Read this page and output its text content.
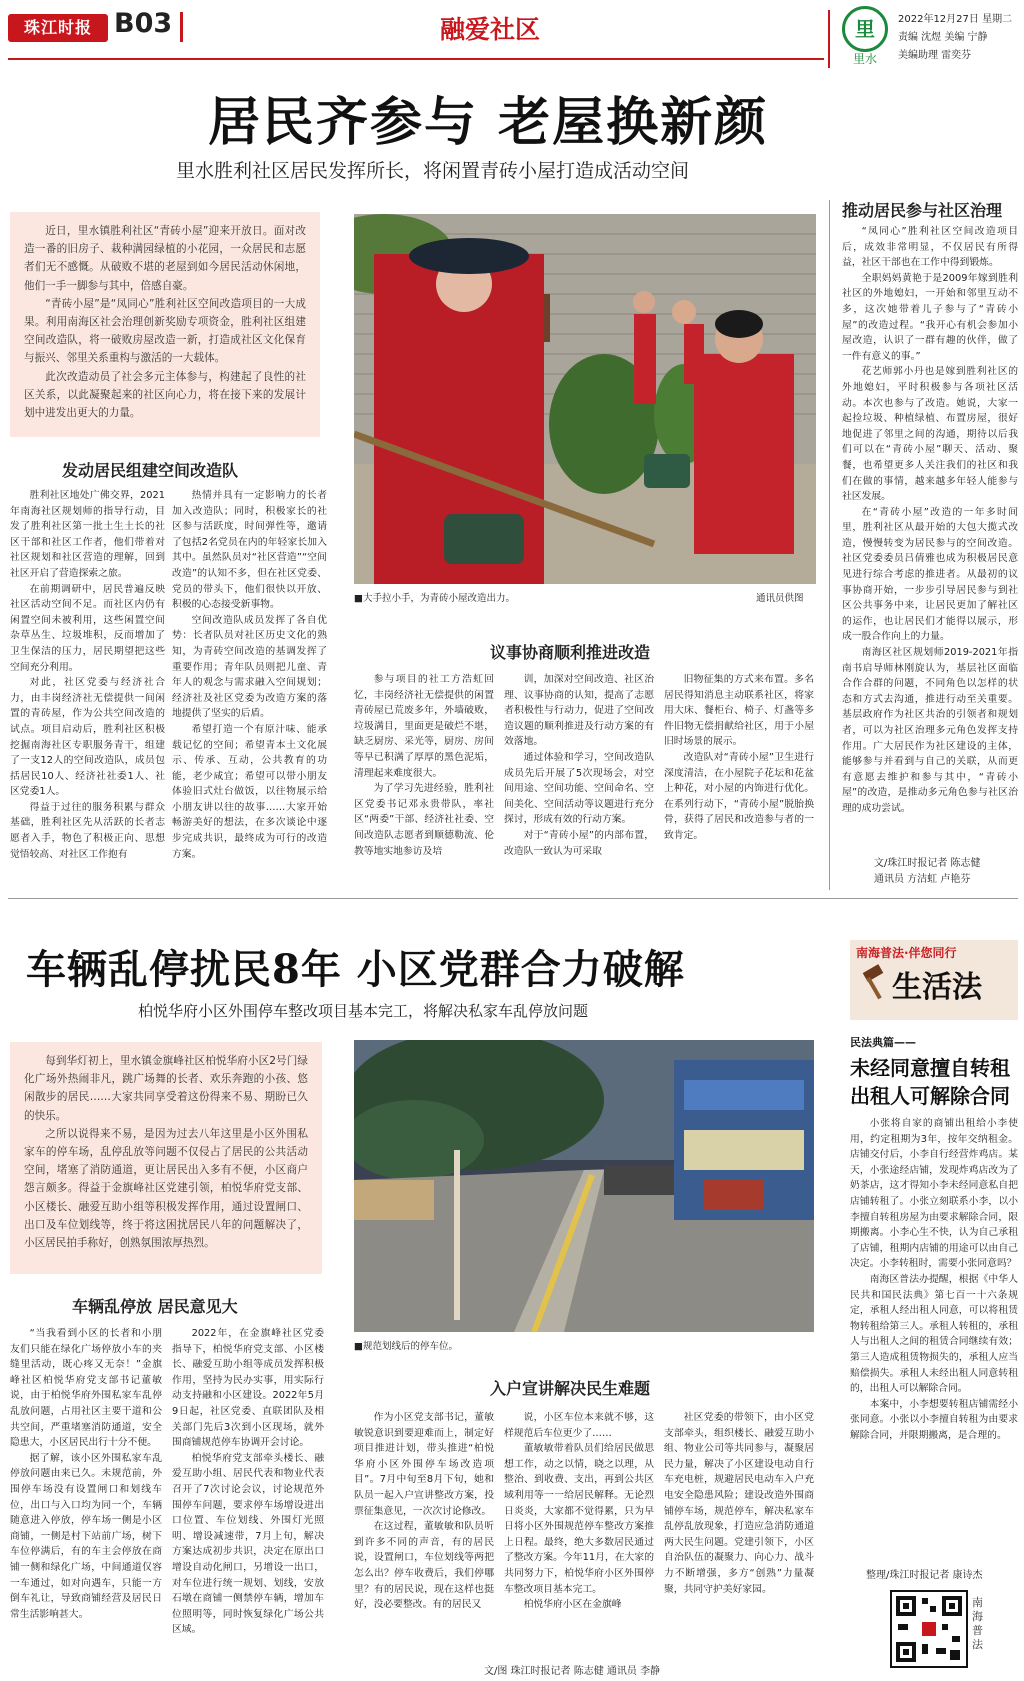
珠江时报 B03	融爱社区	里
里水
2022年12月27日 星期二
责编 沈煜 美编 宁静
美编助理 雷奕芬
居民齐参与 老屋换新颜
里水胜利社区居民发挥所长，将闲置青砖小屋打造成活动空间

近日，里水镇胜利社区“青砖小屋”迎来开放日。面对改造一番的旧房子、栽种满园绿植的小花园，一众居民和志愿者们无不感慨。从破败不堪的老屋到如今居民活动休闲地，他们一手一脚参与其中，倍感自豪。

“青砖小屋”是“凤同心”胜利社区空间改造项目的一大成果。利用南海区社会治理创新奖励专项资金，胜利社区组建空间改造队，将一破败房屋改造一新，打造成社区文化保育与振兴、邻里关系重构与激活的一大载体。

此次改造动员了社会多元主体参与，构建起了良性的社区关系，以此凝聚起来的社区向心力，将在接下来的发展计划中进发出更大的力量。

发动居民组建空间改造队

胜利社区地处广佛交界，2021年南海社区规划师的指导行动，目发了胜利社区第一批土生土长的社区干部和社区工作者，他们带着对社区规划和社区营造的理解，回到社区开启了营造探索之旅。

在前期调研中，居民普遍反映社区活动空间不足。而社区内仍有闲置空间未被利用，这些闲置空间杂草丛生、垃圾堆积，反而增加了卫生保洁的压力，居民期望把这些空间充分利用。

对此，社区党委与经济社合力，由丰岗经济社无偿提供一间闲置的青砖屋，作为公共空间改造的试点。项目启动后，胜利社区积极挖掘南海社区专职服务青干，组建了一支12人的空间改造队，成员包括居民10人、经济社社委1人、社区党委1人。

得益于过往的服务积累与群众基础，胜利社区先从活跃的长者志愿者入手，物色了积极正向、思想觉悟较高、对社区工作抱有

热情并具有一定影响力的长者加入改造队；同时，积极家长的社区参与活跃度，时间弹性等，邀请了包括2名党员在内的年轻家长加入其中。虽然队员对“社区营造”“空间改造”的认知不多，但在社区党委、党员的带头下，他们很快以开放、积极的心态接受新事物。

空间改造队成员发挥了各自优势：长者队员对社区历史文化的熟知，为青砖空间改造的基调发挥了重要作用；青年队员则把儿童、青年人的观念与需求融入空间规划；经济社及社区党委为改造方案的落地提供了坚实的后盾。

希望打造一个有原汁味、能承载记忆的空间；希望青本土文化展示、传承、互动，公共教育的功能，老少咸宜；希望可以带小朋友体验旧式灶台做饭，以往物展示给小朋友讲以往的故事……大家开始畅游美好的想法，在多次谈论中逐步完成共识，最终成为可行的改造方案。

■大手拉小手，为青砖小屋改造出力。	通讯员供图
议事协商顺利推进改造

参与项目的社工方浩虹回忆，丰岗经济社无偿提供的闲置青砖屋已荒废多年，外墙破败，垃圾满目，里面更是破烂不堪，缺乏厨房、采光等，厨房、房间等早已积满了厚厚的黑色泥垢，清理起来难度很大。

为了学习先进经验，胜利社区党委书记邓永贵带队，率社区“两委”干部、经济社社委、空间改造队志愿者到顺德勒流、伦教等地实地参访及培

训，加深对空间改造、社区治理、议事协商的认知，提高了志愿者积极性与行动力，促进了空间改造议题的顺利推进及行动方案的有效落地。

通过体验和学习，空间改造队成员先后开展了5次现场会，对空间用途、空间功能、空间命名、空间美化、空间活动等议题进行充分探讨，形成有效的行动方案。

对于“青砖小屋”的内部布置，改造队一致认为可采取

旧物征集的方式来布置。多名居民得知消息主动联系社区，将家用大床、餐柜台、椅子、灯盏等多件旧物无偿捐献给社区，用于小屋旧时场景的展示。

改造队对“青砖小屋”卫生进行深度清洁，在小屋院子花坛和花盆上种花，对小屋的内饰进行优化。在系列行动下，“青砖小屋”脱胎换骨，获得了居民和改造参与者的一致肯定。

推动居民参与社区治理

“凤同心”胜利社区空间改造项目后，成效非常明显，不仅居民有所得益，社区干部也在工作中得到锻炼。

全职妈妈黄艳于是2009年嫁到胜利社区的外地媳妇，一开始和邻里互动不多，这次她带着儿子参与了“青砖小屋”的改造过程。“我开心有机会参加小屋改造，认识了一群有趣的伙伴，做了一件有意义的事。”

花艺师郭小丹也是嫁到胜利社区的外地媳妇，平时积极参与各项社区活动。本次也参与了改造。她说，大家一起捡垃圾、种植绿植、布置房屋，很好地促进了邻里之间的沟通，期待以后我们可以在“青砖小屋”聊天、活动、聚餐，也希望更多人关注我们的社区和我们在做的事情，越来越多年轻人能参与社区发展。

在“青砖小屋”改造的一年多时间里，胜利社区从最开始的大包大揽式改造，慢慢转变为居民参与的空间改造。社区党委委员吕倩雅也成为积极居民意见进行综合考虑的推进者。从最初的议事协商开始，一步步引导居民参与到社区公共事务中来，让居民更加了解社区的运作，也让居民们才能得以展示，形成一股合作向上的力量。

南海区社区规划师2019-2021年指南书启导师林刚旋认为，基层社区面临合作合群的问题，不同角色以怎样的状态和方式去沟通，推进行动至关重要。基层政府作为社区共治的引领者和规划者，可以为社区治理多元角色发挥支持作用。广大居民作为社区建设的主体，能够参与并看到与自己的关联，从而更有意愿去维护和参与其中，“青砖小屋”的改造，是推动多元角色参与社区治理的成功尝试。

文/珠江时报记者 陈志健
通讯员 方洁虹 卢艳芬
车辆乱停扰民8年 小区党群合力破解
柏悦华府小区外围停车整改项目基本完工，将解决私家车乱停放问题

每到华灯初上，里水镇金旗峰社区柏悦华府小区2号门绿化广场外热闹非凡，跳广场舞的长者、欢乐奔跑的小孩、悠闲散步的居民……大家共同享受着这份得来不易、期盼已久的快乐。

之所以说得来不易，是因为过去八年这里是小区外围私家车的停车场，乱停乱放等问题不仅侵占了居民的公共活动空间，堵塞了消防通道，更让居民出入多有不便，小区商户怨言颇多。得益于金旗峰社区党建引领，柏悦华府党支部、小区楼长、融爱互助小组等积极发挥作用，通过设置闸口、出口及车位划线等，终于将这困扰居民八年的问题解决了，小区居民拍手称好，创熟氛围浓厚热烈。

车辆乱停放 居民意见大

“当我看到小区的长者和小朋友们只能在绿化广场停放小车的夹缝里活动，既心疼又无奈！”金旗峰社区柏悦华府党支部书记董敏说，由于柏悦华府外围私家车乱停乱放问题，占用社区主要干道和公共空间，严重堵塞消防通道，安全隐患大，小区居民出行十分不便。

据了解，该小区外围私家车乱停放问题由来已久。未规范前，外围停车场没有设置闸口和划线车位，出口与入口均为同一个，车辆随意进入停放，停车场一侧是小区商铺，一侧是村下站前广场，树下车位停满后，有的车主会停放在商铺一侧和绿化广场，中间通道仅容一车通过，如对向遇车，只能一方倒车礼让，导致商铺经营及居民日常生活影响甚大。

2022年，在金旗峰社区党委指导下，柏悦华府党支部、小区楼长、融爱互助小组等成员发挥积极作用，坚持为民办实事，用实际行动支持融和小区建设。2022年5月9日起，社区党委、直联团队及相关部门先后3次到小区现场，就外围商铺规范停车协调开会讨论。

柏悦华府党支部牵头楼长、融爱互助小组、居民代表和物业代表召开了7次讨论会议，讨论规范外围停车问题，要求停车场增设进出口位置、车位划线、外围灯光照明、增设减速带，7月上旬，解决方案达成初步共识，决定在原出口增设自动化闸口，另增设一出口，对车位进行统一规划、划线，安放石墩在商铺一侧禁停车辆，增加车位照明等，同时恢复绿化广场公共区域。

■规范划线后的停车位。
入户宣讲解决民生难题

作为小区党支部书记，董敏敏锐意识到要迎难而上，制定好项目推进计划，带头推进“柏悦华府小区外围停车场改造项目”。7月中旬至8月下旬，她和队员一起入户宣讲整改方案，投票征集意见，一次次讨论修改。

在这过程，董敏敏和队员听到许多不同的声音，有的居民说，设置闸口，车位划线等两把怎么出？停车收费后，我们停哪里？有的居民说，现在这样也挺好，没必要整改。有的居民又

说，小区车位本来就不够，这样规范后车位更少了……

董敏敏带着队员们给居民做思想工作，动之以情，晓之以理，从整治、到收费、支出，再到公共区域利用等一一给居民解释。无论烈日炎炎，大家都不觉得累，只为早日将小区外围规范停车整改方案推上日程。最终，绝大多数居民通过了整改方案。今年11月，在大家的共同努力下，柏悦华府小区外围停车整改项目基本完工。

柏悦华府小区在金旗峰

社区党委的带领下，由小区党支部牵头，组织楼长、融爱互助小组、物业公司等共同参与，凝聚居民力量，解决了小区建设电动自行车充电桩，规避居民电动车入户充电安全隐患风险；建设改造外围商铺停车场，规范停车，解决私家车乱停乱放现象，打造应急消防通道两大民生问题。党建引领下，小区自治队伍的凝聚力、向心力、战斗力不断增强，多方“创熟”力量凝聚，共同守护美好家园。

文/图 珠江时报记者 陈志健 通讯员 李静
南海普法·伴您同行
生活法
民法典篇——
未经同意擅自转租 出租人可解除合同

小张将自家的商铺出租给小李使用，约定租期为3年，按年交纳租金。店铺交付后，小李自行经营炸鸡店。某天，小张途经店铺，发现炸鸡店改为了奶茶店，这才得知小李未经同意私自把店铺转租了。小张立刻联系小李，以小李擅自转租房屋为由要求解除合同，限期搬离。小李心生不快，认为自己承租了店铺，租期内店铺的用途可以由自己决定。小李转租时，需要小张同意吗？

南海区普法办提醒，根据《中华人民共和国民法典》第七百一十六条规定，承租人经出租人同意，可以将租赁物转租给第三人。承租人转租的，承租人与出租人之间的租赁合同继续有效；第三人造成租赁物损失的，承租人应当赔偿损失。承租人未经出租人同意转租的，出租人可以解除合同。

本案中，小李想要转租店铺需经小张同意。小张以小李擅自转租为由要求解除合同，并限期搬离，是合理的。

整理/珠江时报记者 康诗杰
南海普法
